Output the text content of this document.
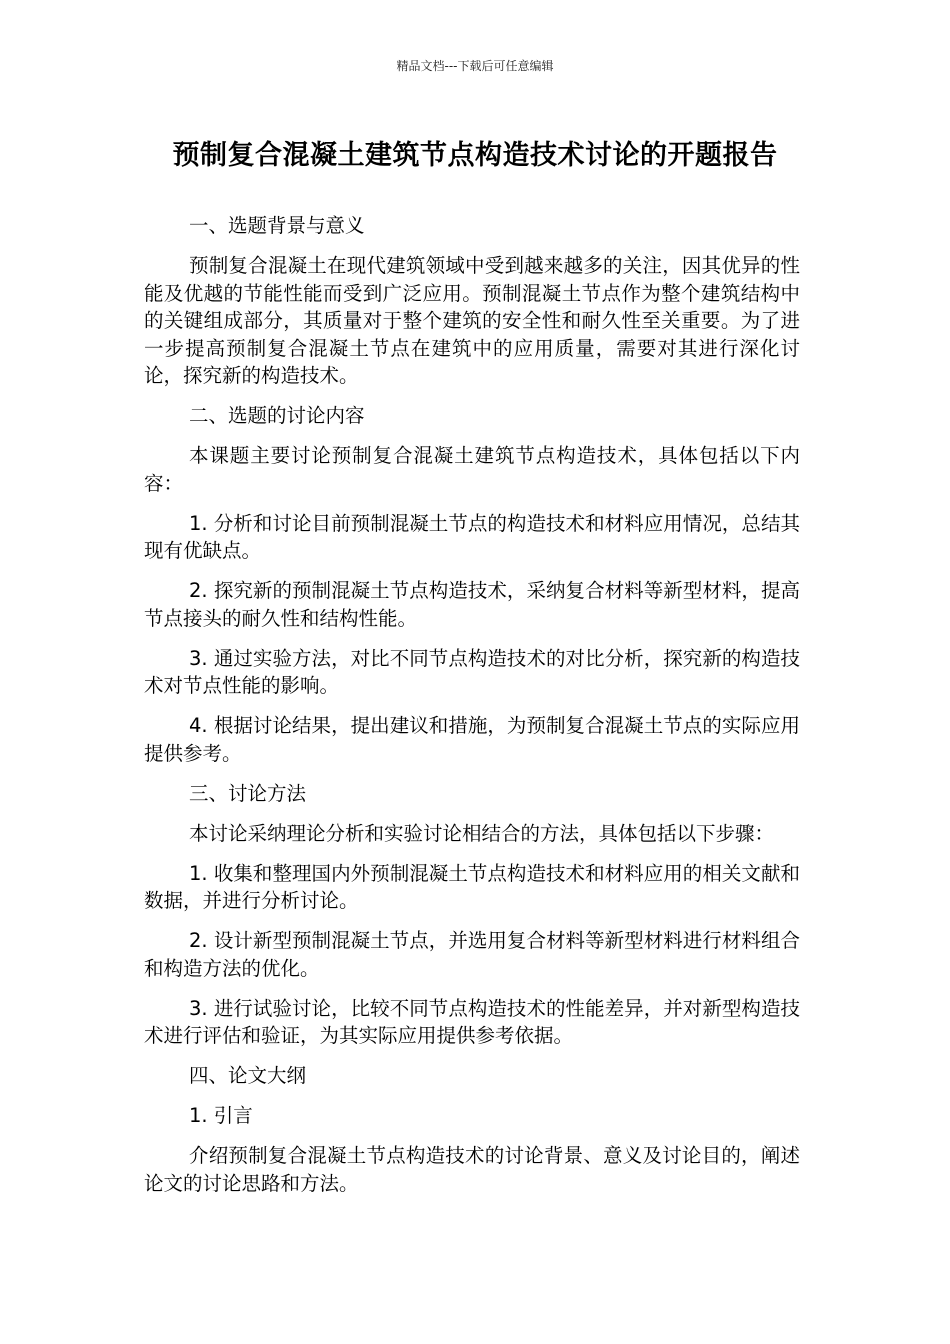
精品文档---下载后可任意编辑
预制复合混凝土建筑节点构造技术讨论的开题报告

一、选题背景与意义

预制复合混凝土在现代建筑领域中受到越来越多的关注，因其优异的性能及优越的节能性能而受到广泛应用。预制混凝土节点作为整个建筑结构中的关键组成部分，其质量对于整个建筑的安全性和耐久性至关重要。为了进一步提高预制复合混凝土节点在建筑中的应用质量，需要对其进行深化讨论，探究新的构造技术。

二、选题的讨论内容

本课题主要讨论预制复合混凝土建筑节点构造技术，具体包括以下内容：

1. 分析和讨论目前预制混凝土节点的构造技术和材料应用情况，总结其现有优缺点。

2. 探究新的预制混凝土节点构造技术，采纳复合材料等新型材料，提高节点接头的耐久性和结构性能。

3. 通过实验方法，对比不同节点构造技术的对比分析，探究新的构造技术对节点性能的影响。

4. 根据讨论结果，提出建议和措施，为预制复合混凝土节点的实际应用提供参考。

三、讨论方法

本讨论采纳理论分析和实验讨论相结合的方法，具体包括以下步骤：

1. 收集和整理国内外预制混凝土节点构造技术和材料应用的相关文献和数据，并进行分析讨论。

2. 设计新型预制混凝土节点，并选用复合材料等新型材料进行材料组合和构造方法的优化。

3. 进行试验讨论，比较不同节点构造技术的性能差异，并对新型构造技术进行评估和验证，为其实际应用提供参考依据。

四、论文大纲

1. 引言

介绍预制复合混凝土节点构造技术的讨论背景、意义及讨论目的，阐述论文的讨论思路和方法。
